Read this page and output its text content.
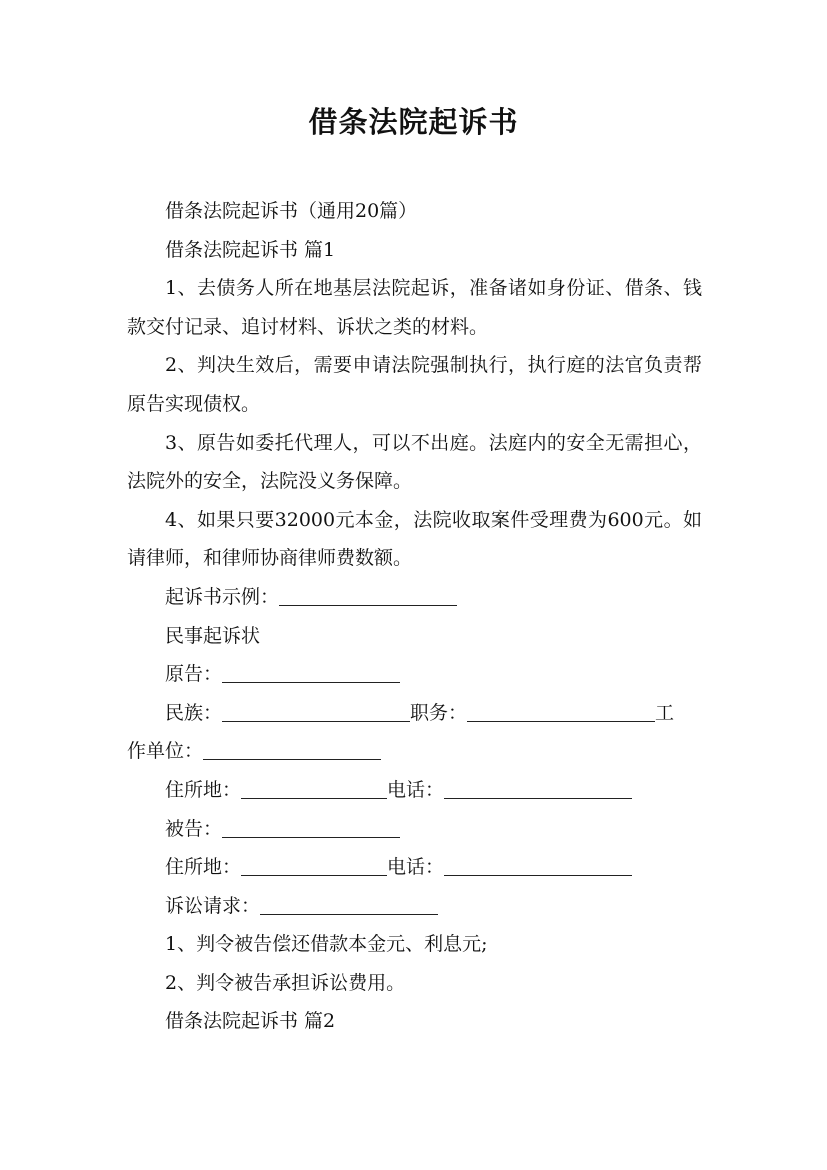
借条法院起诉书

借条法院起诉书（通用20篇）

借条法院起诉书 篇1

1、去债务人所在地基层法院起诉，准备诸如身份证、借条、钱款交付记录、追讨材料、诉状之类的材料。

2、判决生效后，需要申请法院强制执行，执行庭的法官负责帮原告实现债权。

3、原告如委托代理人，可以不出庭。法庭内的安全无需担心，法院外的安全，法院没义务保障。

4、如果只要32000元本金，法院收取案件受理费为600元。如请律师，和律师协商律师费数额。

起诉书示例：

民事起诉状

原告：

民族：	职务：	工

作单位：

住所地：	电话：

被告：

住所地：	电话：

诉讼请求：

1、判令被告偿还借款本金元、利息元;

2、判令被告承担诉讼费用。

借条法院起诉书 篇2
